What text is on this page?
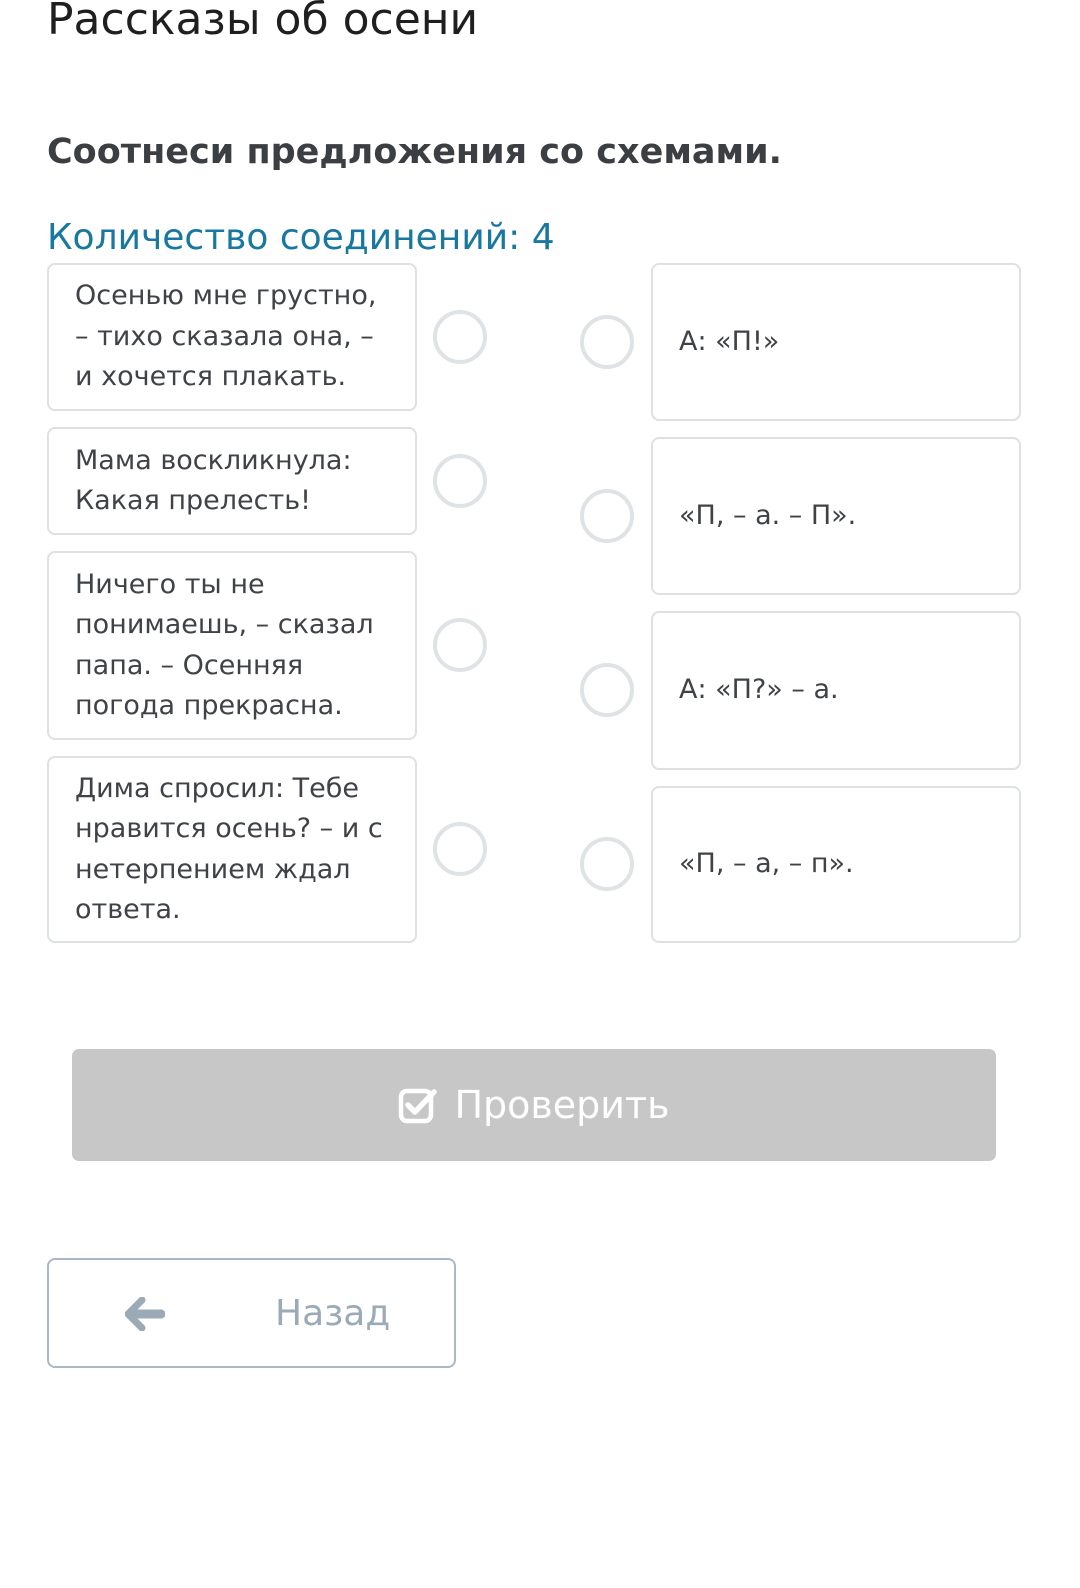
Рассказы об осени
Соотнеси предложения со схемами.
Количество соединений: 4
Осенью мне грустно,
– тихо сказала она, –
и хочется плакать.
Мама воскликнула:
Какая прелесть!
Ничего ты не
понимаешь, – сказал
папа. – Осенняя
погода прекрасна.
Дима спросил: Тебе
нравится осень? – и с
нетерпением ждал
ответа.
А: «П!»
«П, – а. – П».
А: «П?» – а.
«П, – а, – п».
Проверить
Назад
